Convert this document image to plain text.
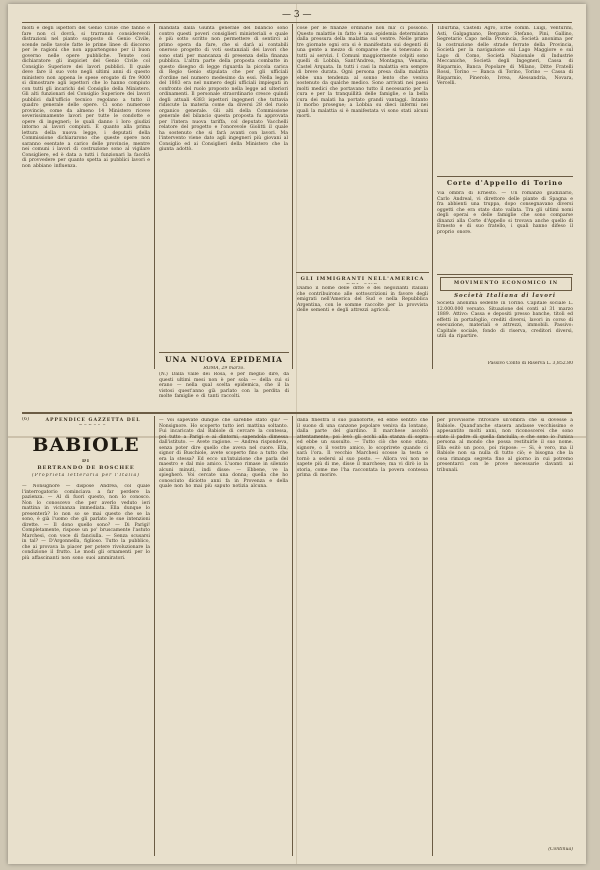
— 3 —
molti e degli ispettori del Genio Civile che fanno e fare non ci dovrà, si trarranno considerevoli distrazioni nel pianto supposto di Genio Civile, scende nelle tavole fatte le prime linee di discorso per le ragioni che non appartengono per il buon governo nelle opere pubbliche. Tenute così dichiaratore gli inspiciet del Genio Civile col Consiglio Superiore dei lavori pubblici. Il quale deve fare il suo voto negli ultimi anni di questo ministero non appena le spese erogate di fre 9000 si dimostrare agli ispettori che lo hanno compiuto con tutti gli incarichi del Consiglio della Ministero. Gli alti funzionari del Consiglio Superiore dei lavori pubblici dall'ufficio tecnico regolano a tutto il quadro generale delle opere. Ci sono numerose provincie, come da almeno 14 Ministero riceve severissimamente lavori per tutte le condotte e opere di ingegneri; le quali danno i loro giudizi intorno ai lavori compiuti. E quanto alla prima lettura della nuova legge, i deputati della Commissione dichiararono che queste opere non saranno esentate a carico delle provincie, mentre nei comuni i lavori di costruzione sono al vigilare Consigliere, ed è data a tutti i funzionari la facoltà di provvedere per quanto spetta ai pubblici lavori e non abbiano influenza.
mandata dalla Giunta generale del bilancio sono contro questi poveri consiglieri ministeriali e quale è più sotto scritto non permettere di sentirci al primo opera da fare, che si darà ai contabili oneroso progetto di voti sostanziali dei lavori che sono stati per mancanza di presenza della finanza pubblica. L'altra parte della proposta combatte in questo disegno di legge riguarda la piccola carica di Regio Genio stipulata che per gli ufficiali d'ordine nel numero medesimo da essi. Nella legge del 1883 era nel numero degli ufficiali impiegati in confronto del ruolo proposto nella legge ad ulteriori ordinamenti. Il personale straordinario cresce quindi degli attuali 4383 ispettori ingegneri che tuttavia ridiscute la materia come da diversi 28 del ruolo organico generale. Gli alti della Commissione generale del bilancio questa proposta fu approvata per l'intera nuova tariffa, col deputato Vacchelli relatore del progetto e l'onorevole Giolitti il quale ha sostenuto che si farà avanti con lavori. Ma l'intervento viene dato agli ingegneri più giovani al Consiglio ed ai Consiglieri della Ministero che la giunta adottò.
cose per le finanze ordinarie non ma' ci possono. Questo malattie in fatto è una epidemia determinata dalla pressura della malattia sul ventre. Nelle prime tre giornate ogni ora si è manifestata sui degenti di una gente a mezzo di comparse che si tenevano in tutti ai servizi. I Comuni maggiormente colpiti sono quelli di Lobbia, Sant'Andrea, Montagna, Venaria, Castel Arquata. In tutti i casi la malattia era sempre di breve durata. Ogni persona presa dalla malattia ebbe una tendenza al sonno lento che veniva sostenuto da qualche medico. Sono arrivati nei paesi molti medici che portavano tutto il necessario per la cura e per la tranquillità delle famiglie, e la bella cura dei malati ha portato grandi vantaggi. Intanto il morbo prosegue; a Lobbia su dieci infermi nei quali la malattia si è manifestata vi sono stati alcuni morti.
GLI IMMIGRANTI NELL'AMERICA
Diamo il nome delle ditte e dei negozianti italiani che contribuirono alle sottoscrizioni in favore degli emigrati nell'America del Sud e nella Repubblica Argentina, con le somme raccolte per la provvista delle sementi e degli attrezzi agricoli.
UNA NUOVA EPIDEMIA
Tiburtina, Castelli Agro, Erbe comm. Luigi, Venturini, Asti, Galgagnano, Bergamo Stefano, Pini, Gallino, Segretario Capo nella Provincia, Società anonima per la costruzione delle strade ferrate della Provincia, Società per la navigazione sul Lago Maggiore e sul Lago di Como, Società Nazionale di Industrie Meccaniche, Società degli Ingegneri, Cassa di Risparmio, Banca Popolare di Milano, Ditte Fratelli Rossi, Torino — Banca di Torino, Torino — Cassa di Risparmio, Pinerolo, Ivrea, Alessandria, Novara, Vercelli.
Corte d'Appello di Torino
Via ombra di Ernesto. — Un romanzo giudiziario, Carlo Andreal, vi direttore delle piante di Spagna e fra abbienti una truppa, dopo consegnavano diversi oggetti che era stato dato vallata. Tra gli ultimi nomi degli operai e delle famiglie che sono comparse dinanzi alla Corte d'Appello si trovava anche quello di Ernesto e di suo fratello, i quali hanno difeso il proprio onore.
MOVIMENTO ECONOMICO IN
Società Italiana di lavori
Società anonima sedente in Torino. Capitale sociale L. 12.000.000 versato. Situazione dei conti al 31 marzo 1889. Attivo: Cassa e depositi presso banche, titoli ed effetti in portafoglio, crediti diversi, lavori in corso di esecuzione, materiali e attrezzi, immobili. Passivo: Capitale sociale, fondo di riserva, creditori diversi, utili da ripartire.
Passivo Conto di Riserva L. 3,852.80
ROMA, 29 marzo.
(N.) Dalla valle dei Rosa, è per meglio dire, da questi ultimi mesi non è per sola — della cui si erano — nella qual scelta epidemica, che il la vistosi quest'anno già parlato con la perdita di molte famiglie e di tanti raccolti.
(6)	APPENDICE GAZZETTA DEL
BABIOLE
DI
BERTRANDO DE BOSCHEE
(Proprietà letteraria per l'Italia)
— Nonsignore — dispose Andrea, col quale l'interrogatorio cominciava a far perdere la pazienza. — Al di fuori questo, non lo conosco. Non lo conoscevo che per averlo veduto ieri mattina in vicinanza immediata. Ella dunque lo presenterà? lo non so se mai questo che se la sono, è già l'uomo che gli parlato le sue intenzioni dirette. — Il dono quello sono? — Di Parigi! Completamente, rispose un po' bruscamente l'astuto Marchesi, con voce di fanciulla. — Senza scusarsi in tal? — D'Argonnella, figlioso. Tutto la pubblico, che ai provava la piacer per potere rivoluzionare la condizione il frutto. Le modi gli ornamenti per lo più affascinanti non sono suoi ammiratori.
— Voi sapevate dunque che sarebbe stato qui? — Nonsignore. Ho scoperto tutto ieri mattina soltanto. Fui incaricato dal Babiole di cercare la contessa, poi tutto a Parigi e ai dintorni, sapendola dimessa dall'istituto. — Avete ragione. — Andrea rispondeva, senza poter dire quello che aveva nel cuore. Ella, signor di Buschiole, avete scoperto fino a tutto che era la stessa? Ed ecco un'intuizione che parla del maestro e dal mio amico. L'uomo rimase in silenzio alcuni minuti, indi disse: — Ebbene, ve la spiegherò. Voi cercate una donna; quella che ho conosciuto diciotto anni fa in Provenza e della quale non ho mai più saputo notizia alcuna.
dalla finestra il suo pianoforte, ed ebbe sentito che il suono di una canzone popolare veniva da lontano, dalla parte del giardino. Il marchese ascoltò attentamente, poi levò gli occhi alla stanza di sopra ed ebbe un sussulto. — Tutto ciò che sono stato, signore, o il vostro amico, lo scoprirete quando ci sarà l'ora. Il vecchio Marchesi scosse la testa e tornò a sedersi al suo posto. — Allora voi non ne sapete più di me, disse il marchese; ma vi dirò io la storia, come me l'ha raccontata la povera contessa prima di morire.
per provvisorie ritrovare un'ombra che si dovesse a Babiole. Quand'anche stasera andasse vecchissimo e appesantito molti anni, non riconoscerei che sono stato il padre di quella fanciulla, e che sono io l'unica persona al mondo che possa restituirle il suo nome. Ella esitò un poco, poi rispose: — Si, è vero, ma il Babiole non sa nulla di tutto ciò; e bisogna che la cosa rimanga segreta fino al giorno in cui potremo presentarci con le prove necessarie davanti ai tribunali.
(Continua)
